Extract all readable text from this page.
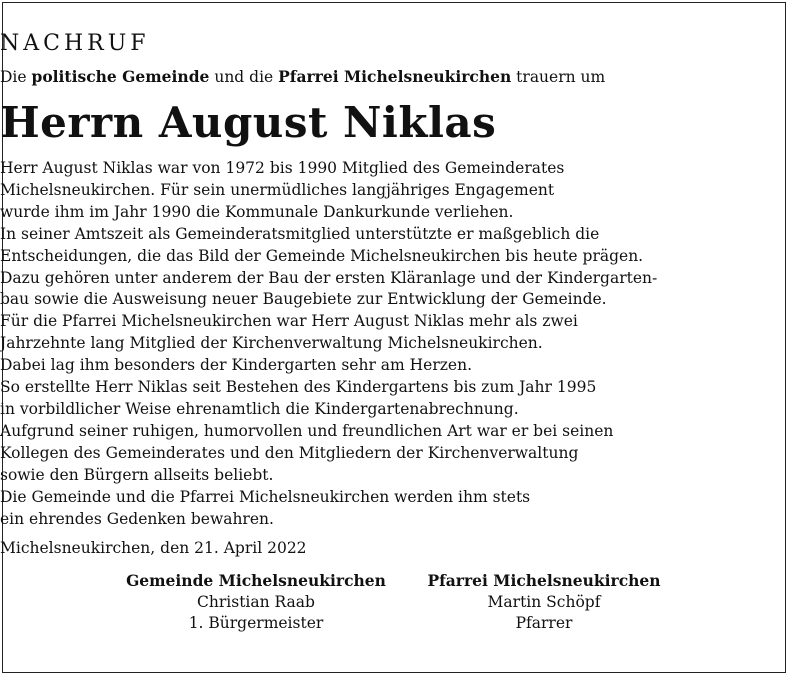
NACHRUF
Die politische Gemeinde und die Pfarrei Michelsneukirchen trauern um
Herrn August Niklas
Herr August Niklas war von 1972 bis 1990 Mitglied des Gemeinderates
Michelsneukirchen. Für sein unermüdliches langjähriges Engagement
wurde ihm im Jahr 1990 die Kommunale Dankurkunde verliehen.
In seiner Amtszeit als Gemeinderatsmitglied unterstützte er maßgeblich die
Entscheidungen, die das Bild der Gemeinde Michelsneukirchen bis heute prägen.
Dazu gehören unter anderem der Bau der ersten Kläranlage und der Kindergarten-
bau sowie die Ausweisung neuer Baugebiete zur Entwicklung der Gemeinde.
Für die Pfarrei Michelsneukirchen war Herr August Niklas mehr als zwei
Jahrzehnte lang Mitglied der Kirchenverwaltung Michelsneukirchen.
Dabei lag ihm besonders der Kindergarten sehr am Herzen.
So erstellte Herr Niklas seit Bestehen des Kindergartens bis zum Jahr 1995
in vorbildlicher Weise ehrenamtlich die Kindergartenabrechnung.
Aufgrund seiner ruhigen, humorvollen und freundlichen Art war er bei seinen
Kollegen des Gemeinderates und den Mitgliedern der Kirchenverwaltung
sowie den Bürgern allseits beliebt.
Die Gemeinde und die Pfarrei Michelsneukirchen werden ihm stets
ein ehrendes Gedenken bewahren.
Michelsneukirchen, den 21. April 2022
Gemeinde Michelsneukirchen
Christian Raab
1. Bürgermeister
Pfarrei Michelsneukirchen
Martin Schöpf
Pfarrer
